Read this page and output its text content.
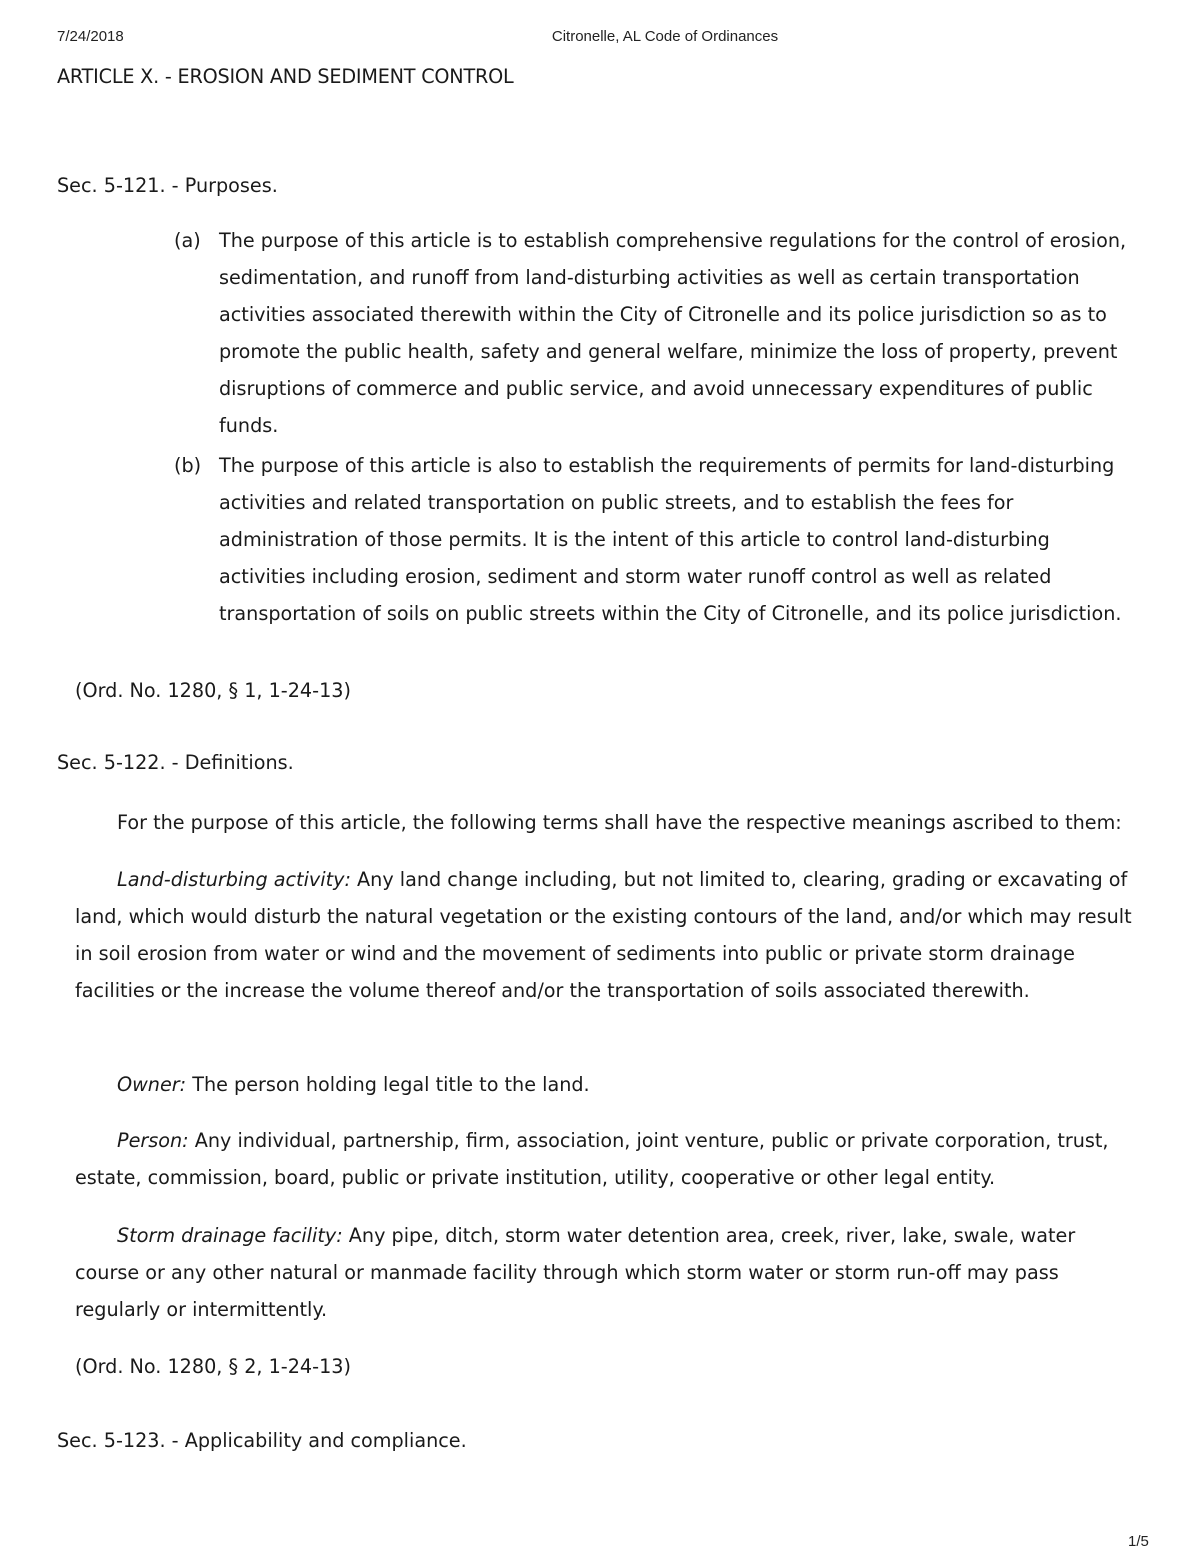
7/24/2018	Citronelle, AL Code of Ordinances
ARTICLE X. - EROSION AND SEDIMENT CONTROL
Sec. 5-121. - Purposes.
(a) The purpose of this article is to establish comprehensive regulations for the control of erosion, sedimentation, and runoff from land-disturbing activities as well as certain transportation activities associated therewith within the City of Citronelle and its police jurisdiction so as to promote the public health, safety and general welfare, minimize the loss of property, prevent disruptions of commerce and public service, and avoid unnecessary expenditures of public funds.
(b) The purpose of this article is also to establish the requirements of permits for land-disturbing activities and related transportation on public streets, and to establish the fees for administration of those permits. It is the intent of this article to control land-disturbing activities including erosion, sediment and storm water runoff control as well as related transportation of soils on public streets within the City of Citronelle, and its police jurisdiction.
(Ord. No. 1280, § 1, 1-24-13)
Sec. 5-122. - Definitions.
For the purpose of this article, the following terms shall have the respective meanings ascribed to them:
Land-disturbing activity: Any land change including, but not limited to, clearing, grading or excavating of land, which would disturb the natural vegetation or the existing contours of the land, and/or which may result in soil erosion from water or wind and the movement of sediments into public or private storm drainage facilities or the increase the volume thereof and/or the transportation of soils associated therewith.
Owner: The person holding legal title to the land.
Person: Any individual, partnership, firm, association, joint venture, public or private corporation, trust, estate, commission, board, public or private institution, utility, cooperative or other legal entity.
Storm drainage facility: Any pipe, ditch, storm water detention area, creek, river, lake, swale, water course or any other natural or manmade facility through which storm water or storm run-off may pass regularly or intermittently.
(Ord. No. 1280, § 2, 1-24-13)
Sec. 5-123. - Applicability and compliance.
1/5
